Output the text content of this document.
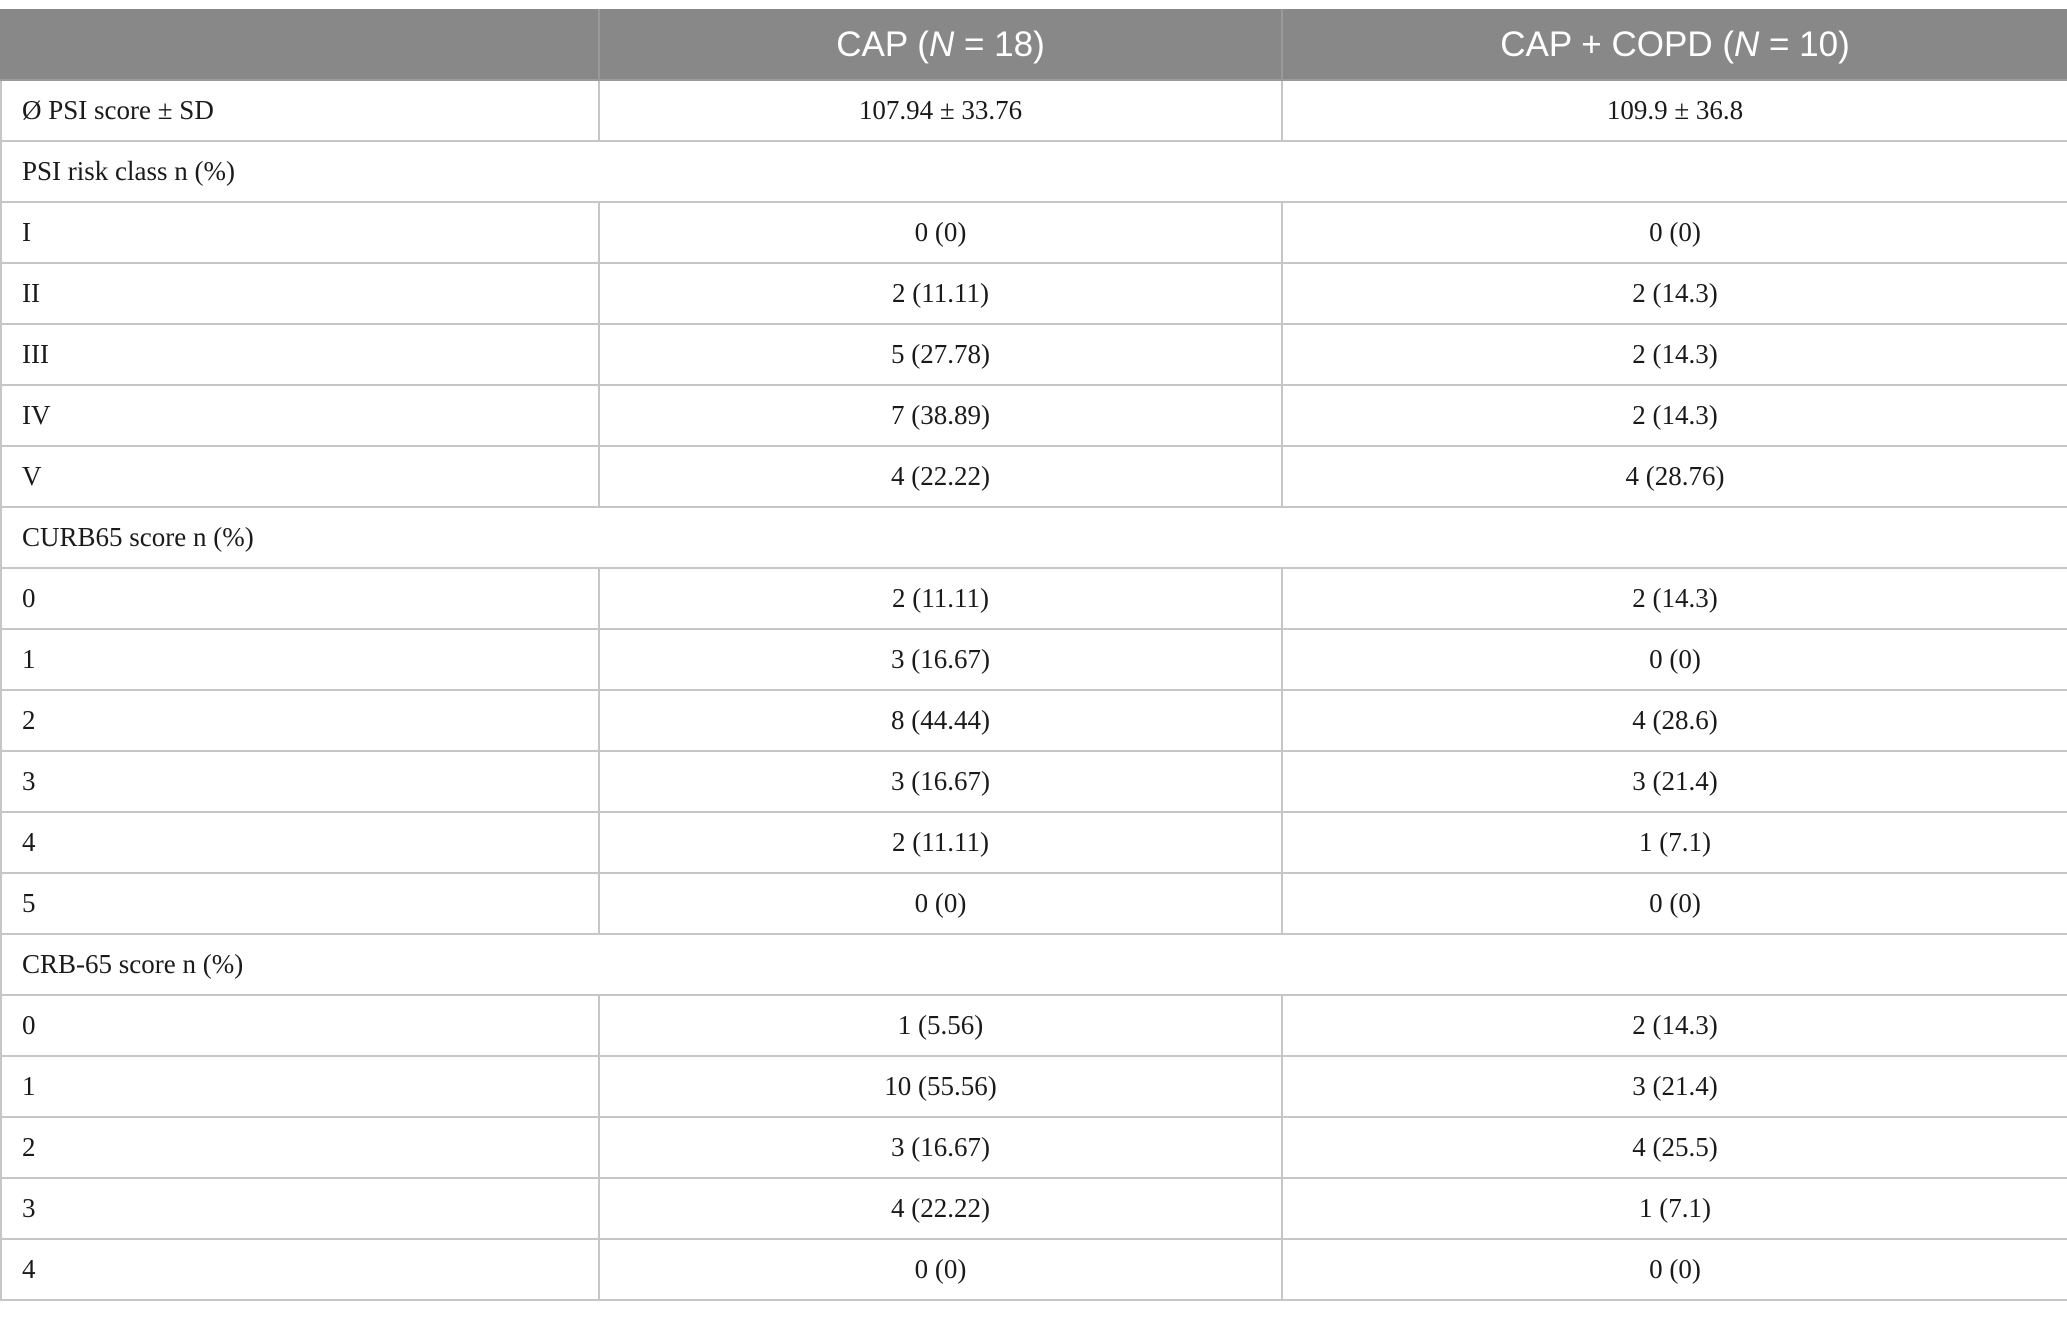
	CAP (N = 18)	CAP + COPD (N = 10)
Ø PSI score ± SD	107.94 ± 33.76	109.9 ± 36.8
PSI risk class n (%)		
I	0 (0)	0 (0)
II	2 (11.11)	2 (14.3)
III	5 (27.78)	2 (14.3)
IV	7 (38.89)	2 (14.3)
V	4 (22.22)	4 (28.76)
CURB65 score n (%)		
0	2 (11.11)	2 (14.3)
1	3 (16.67)	0 (0)
2	8 (44.44)	4 (28.6)
3	3 (16.67)	3 (21.4)
4	2 (11.11)	1 (7.1)
5	0 (0)	0 (0)
CRB-65 score n (%)		
0	1 (5.56)	2 (14.3)
1	10 (55.56)	3 (21.4)
2	3 (16.67)	4 (25.5)
3	4 (22.22)	1 (7.1)
4	0 (0)	0 (0)
